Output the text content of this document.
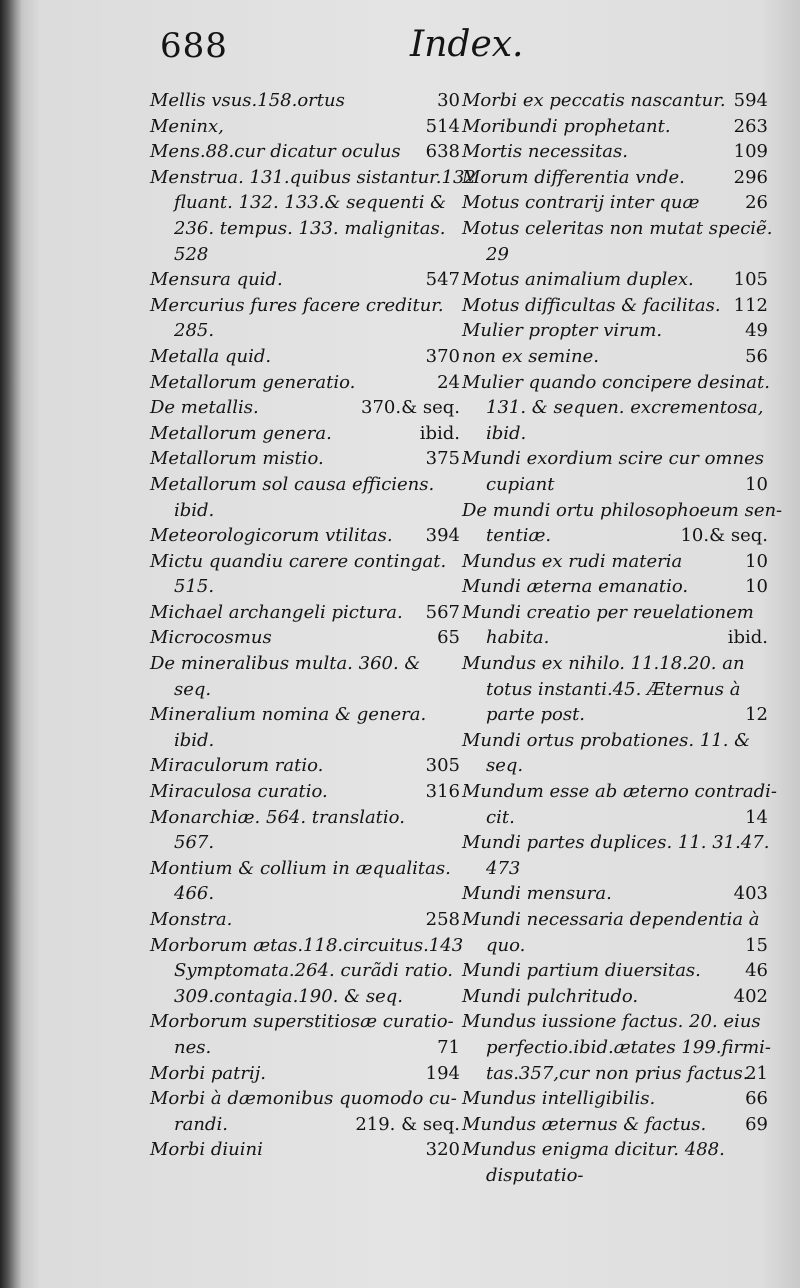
688	Index.
Mellis vsus.158.ortus	30
Meninx,	514
Mens.88.cur dicatur oculus	638
Menstrua. 131.quibus sistantur.132
fluant. 132. 133.& sequenti &
236. tempus. 133. malignitas.
528
Mensura quid.	547
Mercurius fures facere creditur.
285.
Metalla quid.	370
Metallorum generatio.	24
De metallis.	370.& seq.
Metallorum genera.	ibid.
Metallorum mistio.	375
Metallorum sol causa efficiens.
ibid.
Meteorologicorum vtilitas.	394
Mictu quandiu carere contingat.
515.
Michael archangeli pictura.	567
Microcosmus	65
De mineralibus multa. 360. &
seq.
Mineralium nomina & genera.
ibid.
Miraculorum ratio.	305
Miraculosa curatio.	316
Monarchiæ. 564. translatio.
567.
Montium & collium in æqualitas.
466.
Monstra.	258
Morborum ætas.118.circuitus.143
Symptomata.264. curãdi ratio.
309.contagia.190. & seq.
Morborum superstitiosæ curatio-
nes.	71
Morbi patrij.	194
Morbi à dæmonibus quomodo cu-
randi.	219. & seq.
Morbi diuini	320
Morbi ex peccatis nascantur. 594
Moribundi prophetant.	263
Mortis necessitas.	109
Morum differentia vnde.	296
Motus contrarij inter quæ	26
Motus celeritas non mutat speciẽ.
29
Motus animalium duplex.	105
Motus difficultas & facilitas. 112
Mulier propter virum.	49
non ex semine.	56
Mulier quando concipere desinat.
131. & sequen. excrementosa,
ibid.
Mundi exordium scire cur omnes
cupiant	10
De mundi ortu philosophoeum sen-
tentiæ.	10.& seq.
Mundus ex rudi materia	10
Mundi æterna emanatio.	10
Mundi creatio per reuelationem
habita.	ibid.
Mundus ex nihilo. 11.18.20. an
totus instanti.45. Æternus à
parte post.	12
Mundi ortus probationes. 11. &
seq.
Mundum esse ab æterno contradi-
cit.	14
Mundi partes duplices. 11. 31.47.
473
Mundi mensura.	403
Mundi necessaria dependentia à
quo.	15
Mundi partium diuersitas.	46
Mundi pulchritudo.	402
Mundus iussione factus. 20. eius
perfectio.ibid.ætates 199.firmi-
tas.357,cur non prius factus.
21
Mundus intelligibilis.	66
Mundus æternus & factus.	69
Mundus enigma dicitur. 488.
disputatio-
